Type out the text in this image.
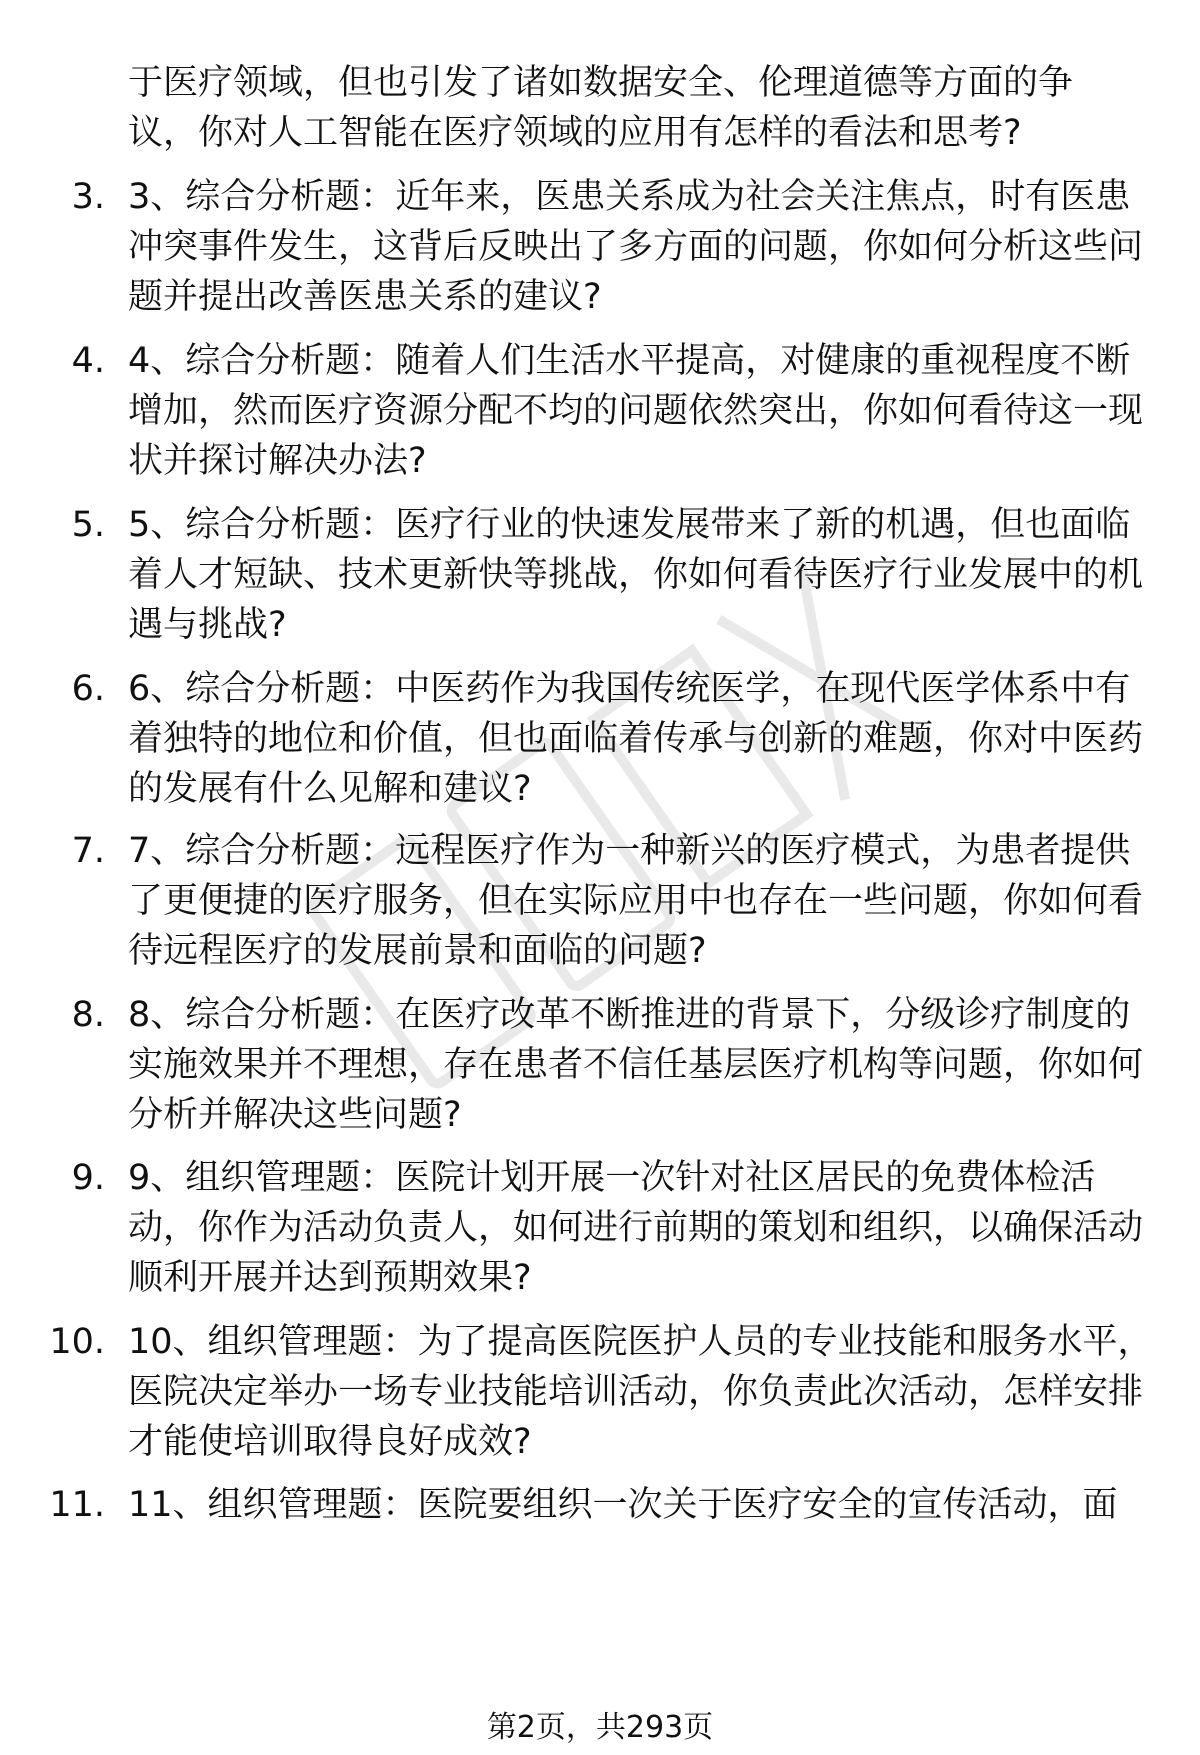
于医疗领域，但也引发了诸如数据安全、伦理道德等方面的争议，你对人工智能在医疗领域的应用有怎样的看法和思考?
3. 3、综合分析题：近年来，医患关系成为社会关注焦点，时有医患冲突事件发生，这背后反映出了多方面的问题，你如何分析这些问题并提出改善医患关系的建议?
4. 4、综合分析题：随着人们生活水平提高，对健康的重视程度不断增加，然而医疗资源分配不均的问题依然突出，你如何看待这一现状并探讨解决办法?
5. 5、综合分析题：医疗行业的快速发展带来了新的机遇，但也面临着人才短缺、技术更新快等挑战，你如何看待医疗行业发展中的机遇与挑战?
6. 6、综合分析题：中医药作为我国传统医学，在现代医学体系中有着独特的地位和价值，但也面临着传承与创新的难题，你对中医药的发展有什么见解和建议?
7. 7、综合分析题：远程医疗作为一种新兴的医疗模式，为患者提供了更便捷的医疗服务，但在实际应用中也存在一些问题，你如何看待远程医疗的发展前景和面临的问题?
8. 8、综合分析题：在医疗改革不断推进的背景下，分级诊疗制度的实施效果并不理想，存在患者不信任基层医疗机构等问题，你如何分析并解决这些问题?
9. 9、组织管理题：医院计划开展一次针对社区居民的免费体检活动，你作为活动负责人，如何进行前期的策划和组织，以确保活动顺利开展并达到预期效果?
10. 10、组织管理题：为了提高医院医护人员的专业技能和服务水平，医院决定举办一场专业技能培训活动，你负责此次活动，怎样安排才能使培训取得良好成效?
11. 11、组织管理题：医院要组织一次关于医疗安全的宣传活动，面
第2页，共293页
